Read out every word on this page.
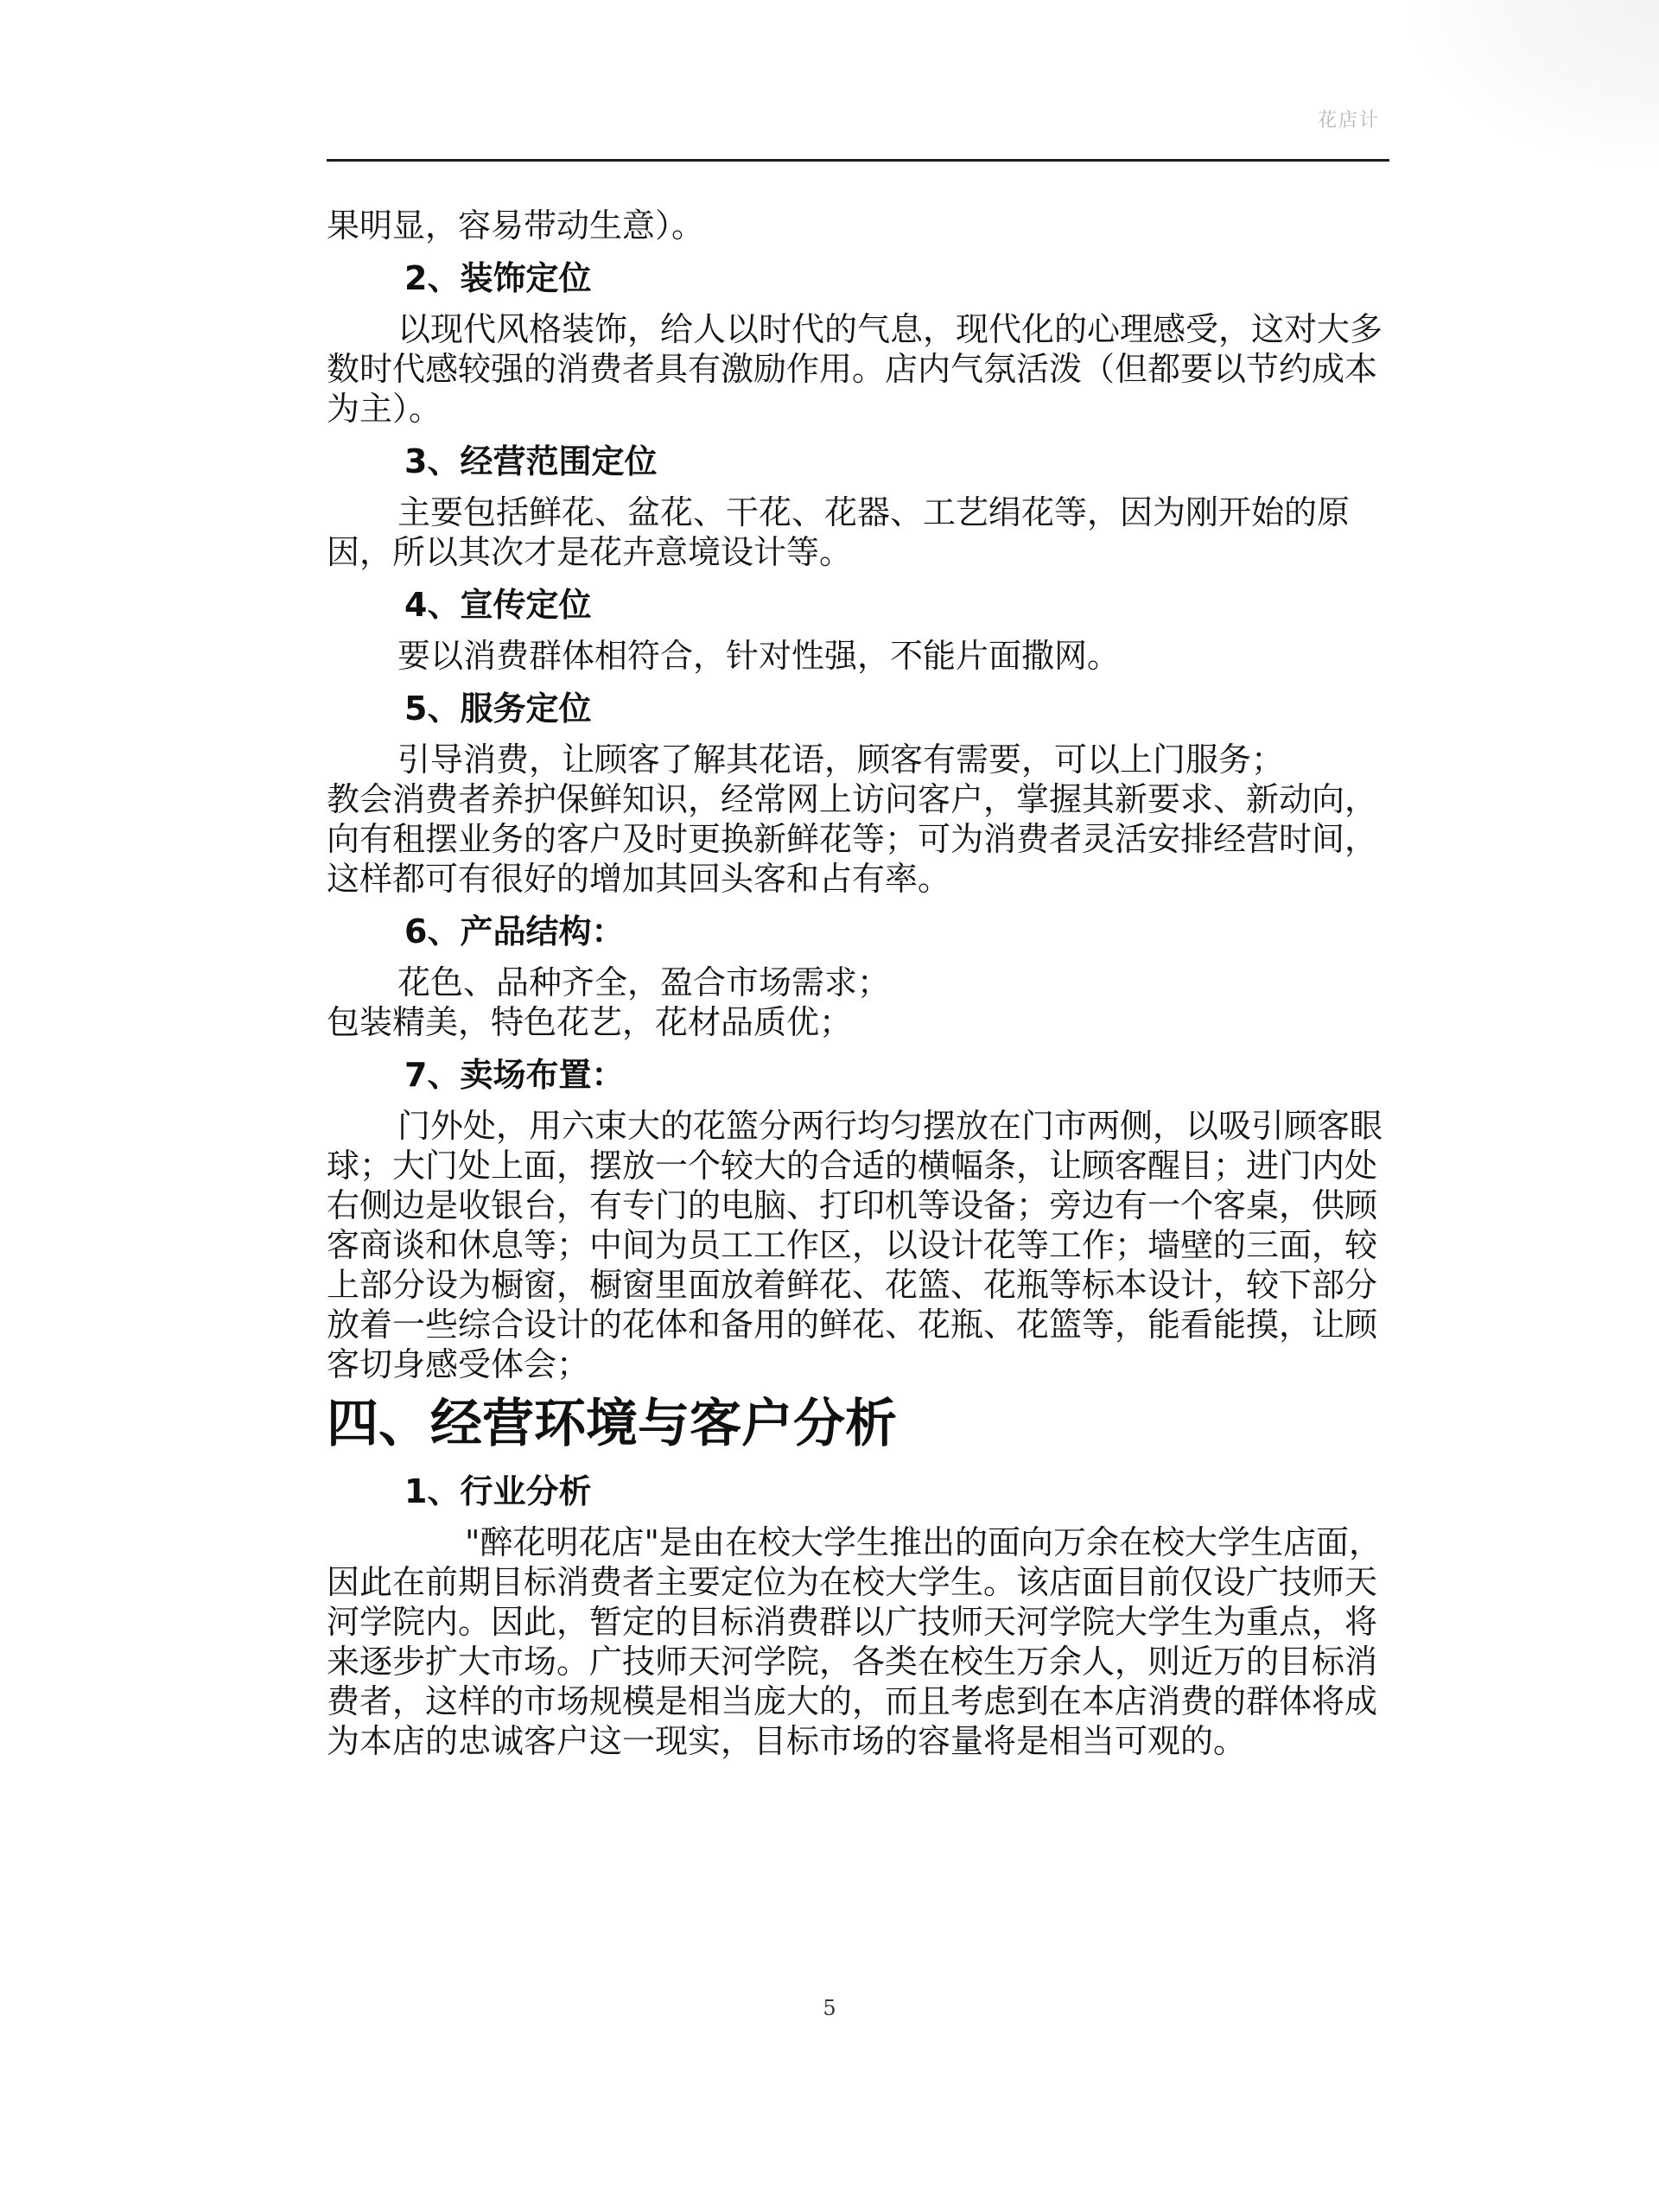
花店计

果明显，容易带动生意）。

2、装饰定位

以现代风格装饰，给人以时代的气息，现代化的心理感受，这对大多数时代感较强的消费者具有激励作用。店内气氛活泼（但都要以节约成本为主）。

3、经营范围定位

主要包括鲜花、盆花、干花、花器、工艺绢花等，因为刚开始的原因，所以其次才是花卉意境设计等。

4、宣传定位

要以消费群体相符合，针对性强，不能片面撒网。

5、服务定位
引导消费，让顾客了解其花语，顾客有需要，可以上门服务；
教会消费者养护保鲜知识，经常网上访问客户，掌握其新要求、新动向，向有租摆业务的客户及时更换新鲜花等；可为消费者灵活安排经营时间，这样都可有很好的增加其回头客和占有率。
6、产品结构：
花色、品种齐全，盈合市场需求；
包装精美，特色花艺，花材品质优；
7、卖场布置：

门外处，用六束大的花篮分两行均匀摆放在门市两侧，以吸引顾客眼球；大门处上面，摆放一个较大的合适的横幅条，让顾客醒目；进门内处右侧边是收银台，有专门的电脑、打印机等设备；旁边有一个客桌，供顾客商谈和休息等；中间为员工工作区，以设计花等工作；墙壁的三面，较上部分设为橱窗，橱窗里面放着鲜花、花篮、花瓶等标本设计，较下部分放着一些综合设计的花体和备用的鲜花、花瓶、花篮等，能看能摸，让顾客切身感受体会；

四、经营环境与客户分析
1、行业分析

"醉花明花店"是由在校大学生推出的面向万余在校大学生店面，因此在前期目标消费者主要定位为在校大学生。该店面目前仅设广技师天河学院内。因此，暂定的目标消费群以广技师天河学院大学生为重点，将来逐步扩大市场。广技师天河学院，各类在校生万余人，则近万的目标消费者，这样的市场规模是相当庞大的，而且考虑到在本店消费的群体将成为本店的忠诚客户这一现实，目标市场的容量将是相当可观的。

5
